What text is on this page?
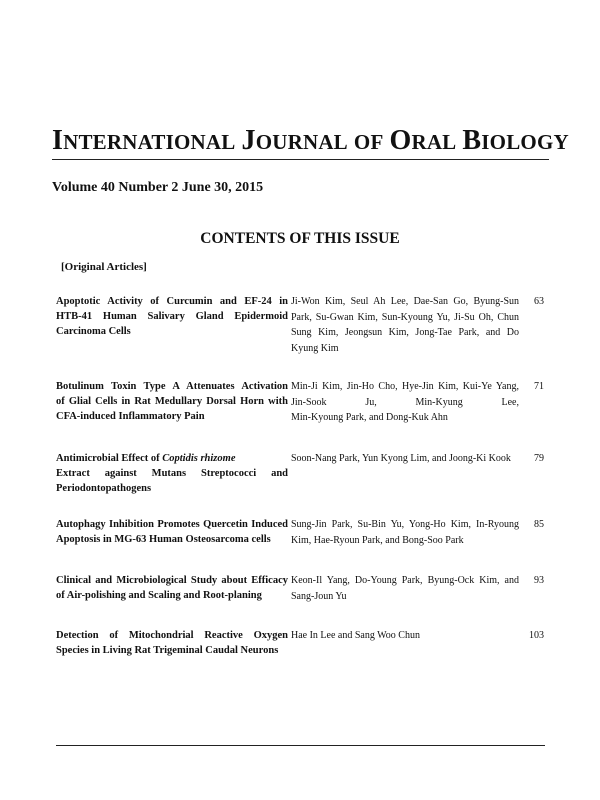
INTERNATIONAL JOURNAL OF ORAL BIOLOGY
Volume 40 Number 2 June 30, 2015
CONTENTS OF THIS ISSUE
[Original Articles]
Apoptotic Activity of Curcumin and EF-24 in
HTB-41 Human Salivary Gland Epidermoid
Carcinoma Cells
Ji-Won Kim, Seul Ah Lee, Dae-San Go, Byung-Sun
Park, Su-Gwan Kim, Sun-Kyoung Yu, Ji-Su Oh, Chun
Sung Kim, Jeongsun Kim, Jong-Tae Park, and Do
Kyung Kim
63
Botulinum Toxin Type A Attenuates Activation
of Glial Cells in Rat Medullary Dorsal Horn with
CFA-induced Inflammatory Pain
Min-Ji Kim, Jin-Ho Cho, Hye-Jin Kim, Kui-Ye Yang,
Jin-Sook Ju, Min-Kyung Lee,
Min-Kyoung Park, and Dong-Kuk Ahn
71
Antimicrobial Effect of Coptidis rhizome
Extract against Mutans Streptococci and
Periodontopathogens
Soon-Nang Park, Yun Kyong Lim, and Joong-Ki Kook	79
Autophagy Inhibition Promotes Quercetin Induced
Apoptosis in MG-63 Human Osteosarcoma cells
Sung-Jin Park, Su-Bin Yu, Yong-Ho Kim, In-Ryoung
Kim, Hae-Ryoun Park, and Bong-Soo Park
85
Clinical and Microbiological Study about Efficacy
of Air-polishing and Scaling and Root-planing
Keon-Il Yang, Do-Young Park, Byung-Ock Kim, and
Sang-Joun Yu
93
Detection of Mitochondrial Reactive Oxygen
Species in Living Rat Trigeminal Caudal Neurons
Hae In Lee and Sang Woo Chun	103
